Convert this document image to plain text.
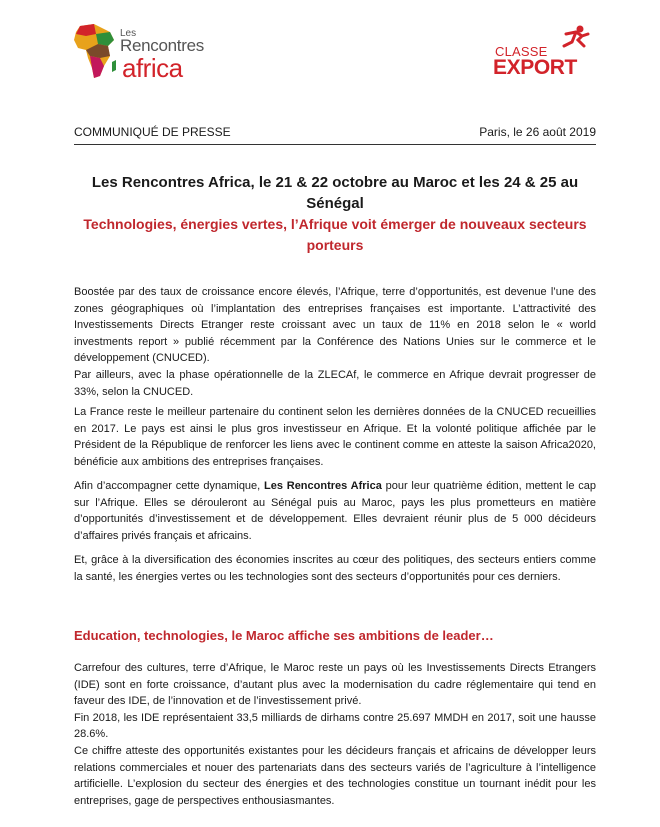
Les
Rencontres
africa
CLASSE
EXPORT
COMMUNIQUÉ DE PRESSE	Paris, le 26 août 2019
Les Rencontres Africa, le 21 & 22 octobre au Maroc et les 24 & 25 au Sénégal
Technologies, énergies vertes, l’Afrique voit émerger de nouveaux secteurs porteurs

Boostée par des taux de croissance encore élevés, l’Afrique, terre d’opportunités, est devenue l’une des zones géographiques où l’implantation des entreprises françaises est importante. L’attractivité des Investissements Directs Etranger reste croissant avec un taux de 11% en 2018 selon le « world investments report » publié récemment par la Conférence des Nations Unies sur le commerce et le développement (CNUCED).

Par ailleurs, avec la phase opérationnelle de la ZLECAf, le commerce en Afrique devrait progresser de 33%, selon la CNUCED.

La France reste le meilleur partenaire du continent selon les dernières données de la CNUCED recueillies en 2017. Le pays est ainsi le plus gros investisseur en Afrique. Et la volonté politique affichée par le Président de la République de renforcer les liens avec le continent comme en atteste la saison Africa2020, bénéficie aux ambitions des entreprises françaises.

Afin d’accompagner cette dynamique, Les Rencontres Africa pour leur quatrième édition, mettent le cap sur l’Afrique. Elles se dérouleront au Sénégal puis au Maroc, pays les plus prometteurs en matière d’opportunités d’investissement et de développement. Elles devraient réunir plus de 5 000 décideurs d’affaires privés français et africains.

Et, grâce à la diversification des économies inscrites au cœur des politiques, des secteurs entiers comme la santé, les énergies vertes ou les technologies sont des secteurs d’opportunités pour ces derniers.

Education, technologies, le Maroc affiche ses ambitions de leader…

Carrefour des cultures, terre d’Afrique, le Maroc reste un pays où les Investissements Directs Etrangers (IDE) sont en forte croissance, d’autant plus avec la modernisation du cadre réglementaire qui tend en faveur des IDE, de l’innovation et de l’investissement privé.

Fin 2018, les IDE représentaient 33,5 milliards de dirhams contre 25.697 MMDH en 2017, soit une hausse 28.6%.

Ce chiffre atteste des opportunités existantes pour les décideurs français et africains de développer leurs relations commerciales et nouer des partenariats dans des secteurs variés de l’agriculture à l’intelligence artificielle. L’explosion du secteur des énergies et des technologies constitue un tournant inédit pour les entreprises, gage de perspectives enthousiasmantes.
